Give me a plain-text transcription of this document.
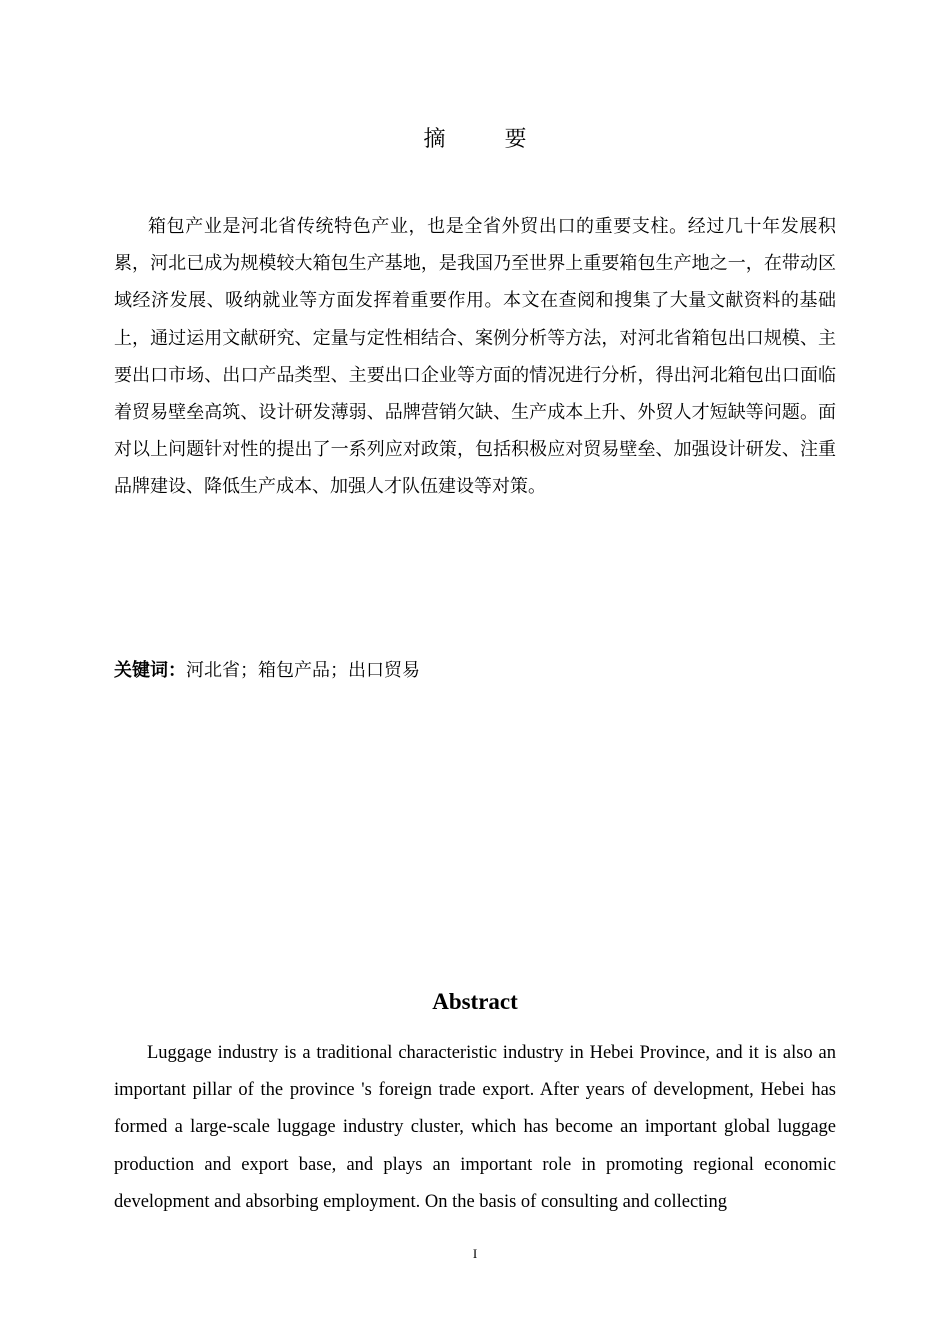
摘 要

箱包产业是河北省传统特色产业，也是全省外贸出口的重要支柱。经过几十年发展积累，河北已成为规模较大箱包生产基地，是我国乃至世界上重要箱包生产地之一，在带动区域经济发展、吸纳就业等方面发挥着重要作用。本文在查阅和搜集了大量文献资料的基础上，通过运用文献研究、定量与定性相结合、案例分析等方法，对河北省箱包出口规模、主要出口市场、出口产品类型、主要出口企业等方面的情况进行分析，得出河北箱包出口面临着贸易壁垒高筑、设计研发薄弱、品牌营销欠缺、生产成本上升、外贸人才短缺等问题。面对以上问题针对性的提出了一系列应对政策，包括积极应对贸易壁垒、加强设计研发、注重品牌建设、降低生产成本、加强人才队伍建设等对策。

关键词：河北省；箱包产品；出口贸易

Abstract

Luggage industry is a traditional characteristic industry in Hebei Province, and it is also an important pillar of the province 's foreign trade export. After years of development, Hebei has formed a large-scale luggage industry cluster, which has become an important global luggage production and export base, and plays an important role in promoting regional economic development and absorbing employment. On the basis of consulting and collecting

I
